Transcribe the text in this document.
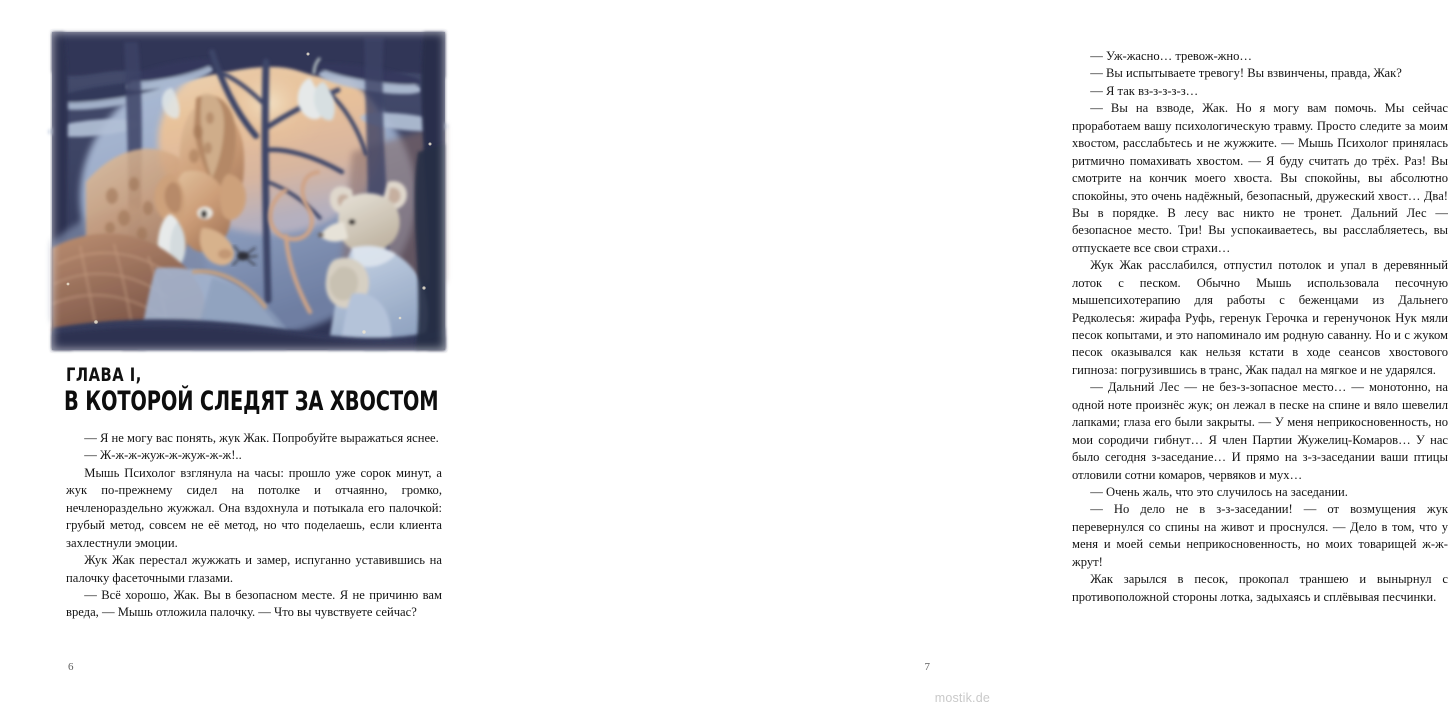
ГЛАВА I,
В КОТОРОЙ СЛЕДЯТ ЗА ХВОСТОМ

— Я не могу вас понять, жук Жак. Попробуйте выражаться яснее.

— Ж-ж-ж-жуж-ж-жуж-ж-ж!..

Мышь Психолог взглянула на часы: прошло уже сорок минут, а жук по-прежнему сидел на потолке и отчаянно, громко, нечленораздельно жужжал. Она вздохнула и потыкала его палочкой: грубый метод, совсем не её метод, но что поделаешь, если клиента захлестнули эмоции.

Жук Жак перестал жужжать и замер, испуганно уставившись на палочку фасеточными глазами.

— Всё хорошо, Жак. Вы в безопасном месте. Я не причиню вам вреда, — Мышь отложила палочку. — Что вы чувствуете сейчас?

6

— Уж-жасно… тревож-жно…

— Вы испытываете тревогу! Вы взвинчены, правда, Жак?

— Я так вз-з-з-з-з…

— Вы на взводе, Жак. Но я могу вам помочь. Мы сейчас проработаем вашу психологическую травму. Просто следите за моим хвостом, расслабьтесь и не жужжите. — Мышь Психолог принялась ритмично помахивать хвостом. — Я буду считать до трёх. Раз! Вы смотрите на кончик моего хвоста. Вы спокойны, вы абсолютно спокойны, это очень надёжный, безопасный, дружеский хвост… Два! Вы в порядке. В лесу вас никто не тронет. Дальний Лес — безопасное место. Три! Вы успокаиваетесь, вы расслабляетесь, вы отпускаете все свои страхи…

Жук Жак расслабился, отпустил потолок и упал в деревянный лоток с песком. Обычно Мышь использовала песочную мышепсихотерапию для работы с беженцами из Дальнего Редколесья: жирафа Руфь, геренук Герочка и геренучонок Нук мяли песок копытами, и это напоминало им родную саванну. Но и с жуком песок оказывался как нельзя кстати в ходе сеансов хвостового гипноза: погрузившись в транс, Жак падал на мягкое и не ударялся.

— Дальний Лес — не без-з-зопасное место… — монотонно, на одной ноте произнёс жук; он лежал в песке на спине и вяло шевелил лапками; глаза его были закрыты. — У меня неприкосновенность, но мои сородичи гибнут… Я член Партии Жужелиц-Комаров… У нас было сегодня з-заседание… И прямо на з-з-заседании ваши птицы отловили сотни комаров, червяков и мух…

— Очень жаль, что это случилось на заседании.

— Но дело не в з-з-заседании! — от возмущения жук перевернулся со спины на живот и проснулся. — Дело в том, что у меня и моей семьи неприкосновенность, но моих товарищей ж-ж-жрут!

Жак зарылся в песок, прокопал траншею и вынырнул с противоположной стороны лотка, задыхаясь и сплёвывая песчинки.

7
mostik.de
